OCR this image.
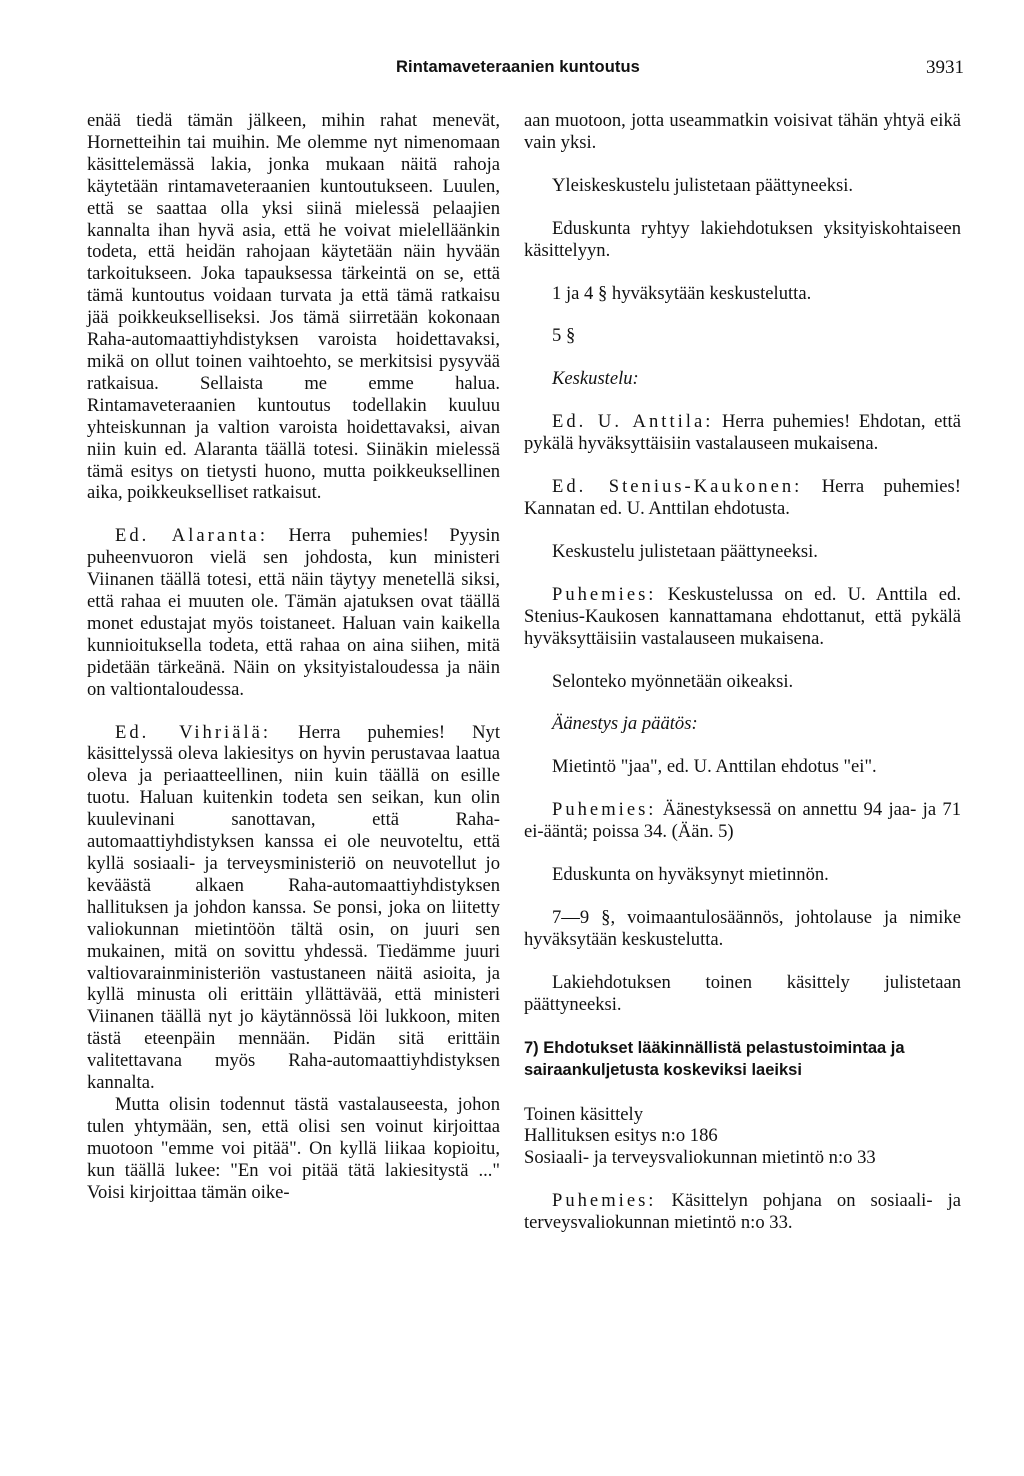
Rintamaveteraanien kuntoutus	3931

enää tiedä tämän jälkeen, mihin rahat menevät, Hornetteihin tai muihin. Me olemme nyt nimenomaan käsittelemässä lakia, jonka mukaan näitä rahoja käytetään rintamaveteraanien kuntoutukseen. Luulen, että se saattaa olla yksi siinä mielessä pelaajien kannalta ihan hyvä asia, että he voivat mielelläänkin todeta, että heidän rahojaan käytetään näin hyvään tarkoitukseen. Joka tapauksessa tärkeintä on se, että tämä kuntoutus voidaan turvata ja että tämä ratkaisu jää poikkeukselliseksi. Jos tämä siirretään kokonaan Raha-automaattiyhdistyksen varoista hoidettavaksi, mikä on ollut toinen vaihtoehto, se merkitsisi pysyvää ratkaisua. Sellaista me emme halua. Rintamaveteraanien kuntoutus todellakin kuuluu yhteiskunnan ja valtion varoista hoidettavaksi, aivan niin kuin ed. Alaranta täällä totesi. Siinäkin mielessä tämä esitys on tietysti huono, mutta poikkeuksellinen aika, poikkeukselliset ratkaisut.

Ed. Alaranta: Herra puhemies! Pyysin puheenvuoron vielä sen johdosta, kun ministeri Viinanen täällä totesi, että näin täytyy menetellä siksi, että rahaa ei muuten ole. Tämän ajatuksen ovat täällä monet edustajat myös toistaneet. Haluan vain kaikella kunnioituksella todeta, että rahaa on aina siihen, mitä pidetään tärkeänä. Näin on yksityistaloudessa ja näin on valtiontaloudessa.

Ed. Vihriälä: Herra puhemies! Nyt käsittelyssä oleva lakiesitys on hyvin perustavaa laatua oleva ja periaatteellinen, niin kuin täällä on esille tuotu. Haluan kuitenkin todeta sen seikan, kun olin kuulevinani sanottavan, että Raha-automaattiyhdistyksen kanssa ei ole neuvoteltu, että kyllä sosiaali- ja terveysministeriö on neuvotellut jo keväästä alkaen Raha-automaattiyhdistyksen hallituksen ja johdon kanssa. Se ponsi, joka on liitetty valiokunnan mietintöön tältä osin, on juuri sen mukainen, mitä on sovittu yhdessä. Tiedämme juuri valtiovarainministeriön vastustaneen näitä asioita, ja kyllä minusta oli erittäin yllättävää, että ministeri Viinanen täällä nyt jo käytännössä löi lukkoon, miten tästä eteenpäin mennään. Pidän sitä erittäin valitettavana myös Raha-automaattiyhdistyksen kannalta.

Mutta olisin todennut tästä vastalauseesta, johon tulen yhtymään, sen, että olisi sen voinut kirjoittaa muotoon "emme voi pitää". On kyllä liikaa kopioitu, kun täällä lukee: "En voi pitää tätä lakiesitystä ..." Voisi kirjoittaa tämän oike-

aan muotoon, jotta useammatkin voisivat tähän yhtyä eikä vain yksi.

Yleiskeskustelu julistetaan päättyneeksi.

Eduskunta ryhtyy lakiehdotuksen yksityiskohtaiseen käsittelyyn.

1 ja 4 § hyväksytään keskustelutta.

5 §

Keskustelu:

Ed. U. Anttila: Herra puhemies! Ehdotan, että pykälä hyväksyttäisiin vastalauseen mukaisena.

Ed. Stenius-Kaukonen: Herra puhemies! Kannatan ed. U. Anttilan ehdotusta.

Keskustelu julistetaan päättyneeksi.

Puhemies: Keskustelussa on ed. U. Anttila ed. Stenius-Kaukosen kannattamana ehdottanut, että pykälä hyväksyttäisiin vastalauseen mukaisena.

Selonteko myönnetään oikeaksi.

Äänestys ja päätös:

Mietintö "jaa", ed. U. Anttilan ehdotus "ei".

Puhemies: Äänestyksessä on annettu 94 jaa- ja 71 ei-ääntä; poissa 34. (Ään. 5)

Eduskunta on hyväksynyt mietinnön.

7—9 §, voimaantulosäännös, johtolause ja nimike hyväksytään keskustelutta.

Lakiehdotuksen toinen käsittely julistetaan päättyneeksi.

7) Ehdotukset lääkinnällistä pelastustoimintaa ja sairaankuljetusta koskeviksi laeiksi

Toinen käsittely

Hallituksen esitys n:o 186

Sosiaali- ja terveysvaliokunnan mietintö n:o 33

Puhemies: Käsittelyn pohjana on sosiaali- ja terveysvaliokunnan mietintö n:o 33.
